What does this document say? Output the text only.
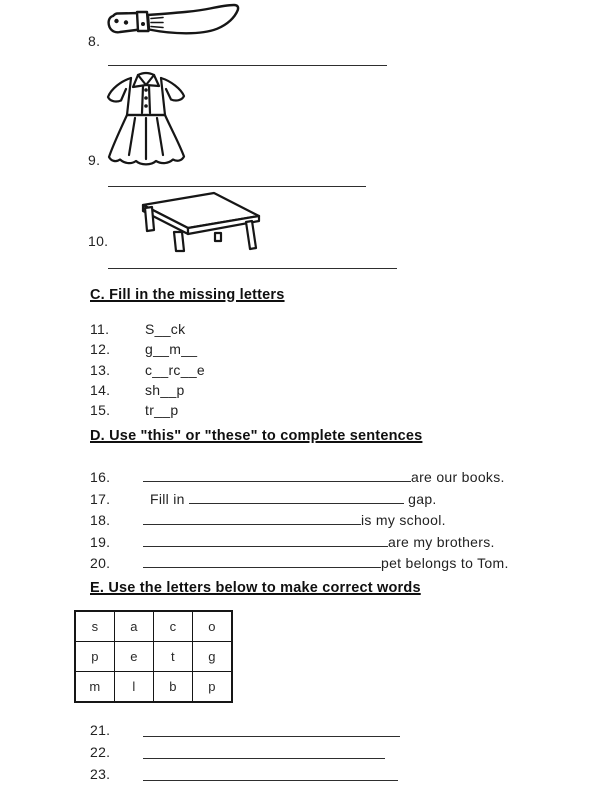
8.
9.
10.
C. Fill in the missing letters
11.	S__ck
12. g__m__
13. c__rc__e
14. sh__p
15. tr__p
D. Use "this" or "these" to complete sentences
16.	are our books.
17.	Fill in	gap.
18.	is my school.
19.	are my brothers.
20.	pet belongs to Tom.
E. Use the letters below to make correct words
s	a	c	o
p	e	t	g
m	l	b	p
21.
22.
23.
